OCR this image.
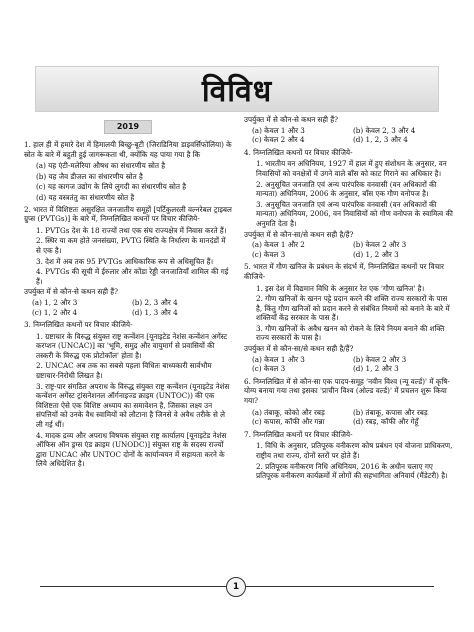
विविध
2019
1. हाल ही में हमारे देश में हिमालयी बिच्छु-बूटी (जिराडिनिया डाइवर्सिफोलिया) के स्रोत के बारे में बहुती हुई जागरूकता थी, क्योंकि यह पाया गया है कि
(a) यह एंटी-मलेरिया औषध का संधारणीय स्रोत है
(b) यह जैव डीजल का संधारणीय स्रोत है
(c) यह कागज उद्योग के लिये लुगदी का संधारणीय स्रोत है
(d) यह वस्त्रतंतु का संधारणीय स्रोत है
2. भारत में विशिष्टतः असुरक्षित जनजातीय समूहों [पर्टिकुलरली वल्नरेबल ट्राइबल ग्रुप्स (PVTGs)] के बारे में, निम्नलिखित कथनों पर विचार कीजिये-
1. PVTGs देश के 18 राज्यों तथा एक संघ राज्यक्षेत्र में निवास करते हैं।
2. स्थिर या कम होते जनसंख्या, PVTG स्थिति के निर्धारण के मानदंडों में से एक है।
3. देश में अब तक 95 PVTGs आधिकारिक रूप से अधिसूचित हैं।
4. PVTGs की सूची में ईरुलार और कोंडा रेड्डी जनजातियाँ शामिल की गई हैं।
उपर्युक्त में से कौन-से कथन सही हैं?
(a) 1, 2 और 3	(b) 2, 3 और 4
(c) 1, 2 और 4	(d) 1, 3 और 4
3. निम्नलिखित कथनों पर विचार कीजिये-
1. ग्रष्टाचार के विरुद्ध संयुक्त राष्ट्र कन्वेंशन [यूनाइटेड नेशंस कन्वेंशन अगेंस्ट करप्शन (UNCAC)] का 'भूमि, समुद्र और वायुमार्ग से प्रवासियों की तस्करी के विरुद्ध एक प्रोटोकॉल' होता है।
2. UNCAC अब तक का सबसे पहला विधितः बाध्यकारी सार्वभौम ग्रष्टाचार-निरोधी लिखत है।
3. राष्ट्र-पार संगठित अपराध के विरुद्ध संयुक्त राष्ट्र कन्वेंशन (यूनाइटेड नेशंस कन्वेंशन अगेंस्ट ट्रांसनेशनल ऑर्गनाइज्ड क्राइम (UNTOC)) की एक विशिष्टता ऐसे एक विशिष्ट अध्याय का समावेशन है, जिसका लक्ष्य उन संपत्तियों को उनके वैध स्वामियों को लौटाना है जिनसे वे अवैध तरीके से ले ली गई थीं।
4. मादक द्रव्य और अपराध विषयक संयुक्त राष्ट्र कार्यालय [यूनाइटेड नेशंस ऑफिस ऑन ड्रग्स एंड क्राइम (UNODC)] संयुक्त राष्ट्र के सदस्य राज्यों द्वारा UNCAC और UNTOC दोनों के कार्यान्वयन में सहायता करने के लिये अधिदेशित है।
उपर्युक्त में से कौन-से कथन सही हैं?
(a) केवल 1 और 3	(b) केवल 2, 3 और 4
(c) केवल 2 और 4	(d) 1, 2, 3 और 4
4. निम्नलिखित कथनों पर विचार कीजिये-
1. भारतीय वन अधिनियम, 1927 में हाल में हुए संशोधन के अनुसार, वन निवासियों को वनक्षेत्रों में उगने वाले बाँस को काट गिराने का अधिकार है।
2. अनुसूचित जनजाति एवं अन्य पारंपरिक वनवासी (वन अधिकारों की मान्यता) अधिनियम, 2006 के अनुसार, बाँस एक गौण वनोपज है।
3. अनुसूचित जनजाति एवं अन्य पारंपरिक वनवासी (वन अधिकारों की मान्यता) अधिनियम, 2006, वन निवासियों को गौण वनोपज के स्वामित्व की अनुमति देता है।
उपर्युक्त में से कौन-सा/से कथन सही है/हैं?
(a) केवल 1 और 2	(b) केवल 2 और 3
(c) केवल 3	(d) 1, 2 और 3
5. भारत में गौण खनिज के प्रबंधन के संदर्भ में, निम्नलिखित कथनों पर विचार कीजिये-
1. इस देश में विद्यमान विधि के अनुसार रेत एक 'गौण खनिज' है।
2. गौण खनिजों के खनन पट्टे प्रदान करने की शक्ति राज्य सरकारों के पास है, किंतु गौण खनिजों को प्रदान करने से संबंधित नियमों को बनाने के बारे में शक्तियाँ केंद्र सरकार के पास हैं।
3. गौण खनिजों के अवैध खनन को रोकने के लिये नियम बनाने की शक्ति राज्य सरकारों के पास है।
उपर्युक्त में से कौन-सा/से कथन सही है/हैं?
(a) केवल 1 और 3	(b) केवल 2 और 3
(c) केवल 3	(d) 1, 2 और 3
6. निम्नलिखित में से कौन-सा एक पादप-समूह 'नवीन विश्व (न्यू वर्ल्ड)' में कृषि-योग्य बनाया गया तथा इसका 'प्राचीन विश्व (ओल्ड वर्ल्ड)' में प्रचलन शुरू किया गया?
(a) तंबाकू, कोको और रबड़	(b) तंबाकू, कपास और रबड़
(c) कपास, कॉफी और गन्ना	(d) रबड़, कॉफी और गेहूँ
7. निम्नलिखित कथनों पर विचार कीजिये-
1. विधि के अनुसार, प्रतिपूरक वनीकरण कोष प्रबंधन एवं योजना प्राधिकरण, राष्ट्रीय तथा राज्य, दोनों स्तरों पर होते हैं।
2. प्रतिपूरक वनीकरण निधि अधिनियम, 2016 के अधीन चलाए गए प्रतिपूरक वनीकरण कार्यक्रमों में लोगों की सहभागिता अनिवार्य (मैंडेटरी) है।
1
